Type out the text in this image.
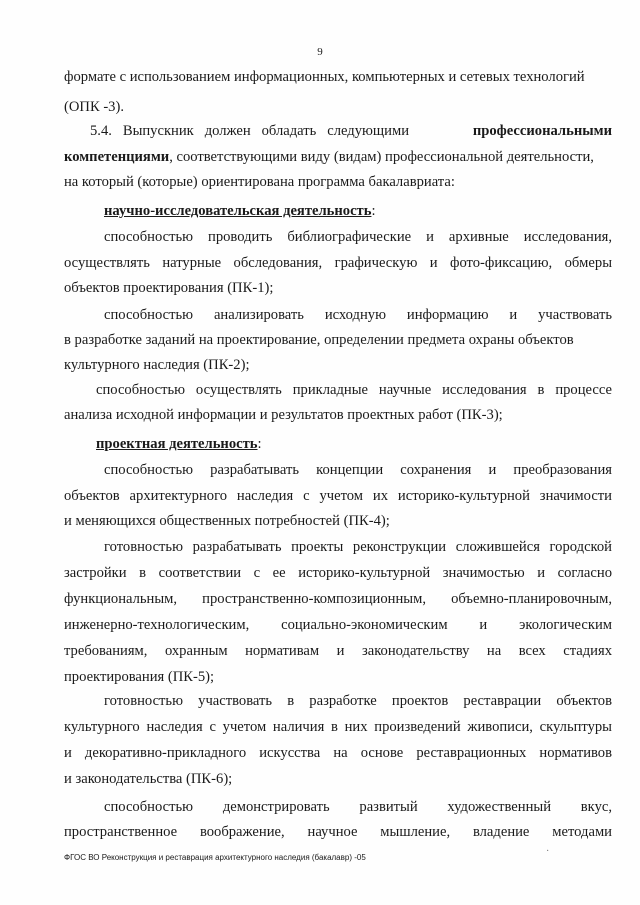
9
формате с использованием информационных, компьютерных и сетевых технологий
(ОПК -3).
5.4.   Выпускник   должен   обладать   следующими	профессиональными
компетенциями, соответствующими виду (видам) профессиональной деятельности,
на который (которые) ориентирована программа бакалавриата:
научно-исследовательская деятельность:
способностью проводить библиографические и архивные исследования,
осуществлять натурные обследования, графическую и фото-фиксацию, обмеры
объектов проектирования (ПК-1);
способностью анализировать исходную информацию и участвовать
в разработке заданий на проектирование, определении предмета охраны объектов
культурного наследия (ПК-2);
способностью осуществлять прикладные научные исследования в процессе
анализа исходной информации и результатов проектных работ (ПК-3);
проектная деятельность:
способностью разрабатывать концепции сохранения и преобразования
объектов архитектурного наследия с учетом их историко-культурной значимости
и меняющихся общественных потребностей (ПК-4);
готовностью разрабатывать проекты реконструкции сложившейся городской
застройки в соответствии с ее историко-культурной значимостью и согласно
функциональным, пространственно-композиционным, объемно-планировочным,
инженерно-технологическим, социально-экономическим и экологическим
требованиям, охранным нормативам и законодательству на всех стадиях
проектирования (ПК-5);
готовностью участвовать в разработке проектов реставрации объектов
культурного наследия с учетом наличия в них произведений живописи, скульптуры
и декоративно-прикладного искусства на основе реставрационных нормативов
и законодательства (ПК-6);
способностью демонстрировать развитый художественный вкус,
пространственное воображение, научное мышление, владение методами
·
ФГОС ВО Реконструкция и реставрация архитектурного наследия (бакалавр) -05
